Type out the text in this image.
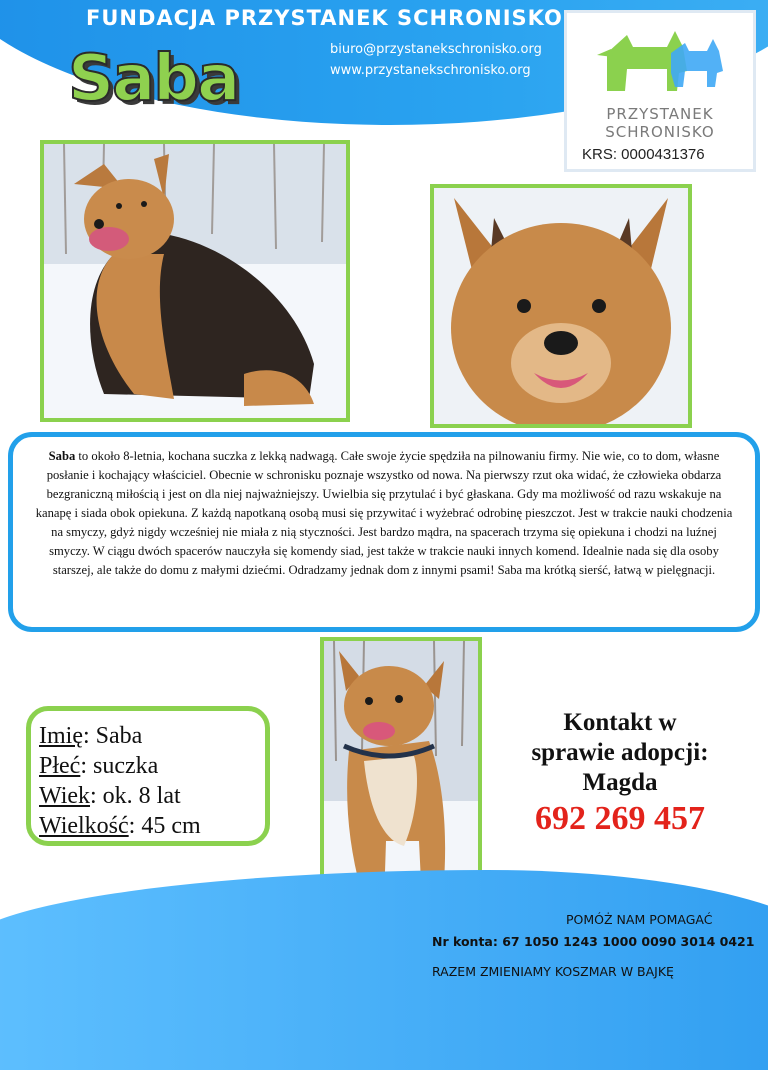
FUNDACJA PRZYSTANEK SCHRONISKO
biuro@przystanekschronisko.org
www.przystanekschronisko.org
Saba	PRZYSTANEK
SCHRONISKO
KRS: 0000431376
Saba to około 8-letnia, kochana suczka z lekką nadwagą. Całe swoje życie spędziła na pilnowaniu firmy. Nie wie, co to dom, własne posłanie i kochający właściciel. Obecnie w schronisku poznaje wszystko od nowa. Na pierwszy rzut oka widać, że człowieka obdarza bezgraniczną miłością i jest on dla niej najważniejszy. Uwielbia się przytulać i być głaskana. Gdy ma możliwość od razu wskakuje na kanapę i siada obok opiekuna. Z każdą napotkaną osobą musi się przywitać i wyżebrać odrobinę pieszczot. Jest w trakcie nauki chodzenia na smyczy, gdyż nigdy wcześniej nie miała z nią styczności. Jest bardzo mądra, na spacerach trzyma się opiekuna i chodzi na luźnej smyczy. W ciągu dwóch spacerów nauczyła się komendy siad, jest także w trakcie nauki innych komend. Idealnie nada się dla osoby starszej, ale także do domu z małymi dziećmi. Odradzamy jednak dom z innymi psami! Saba ma krótką sierść, łatwą w pielęgnacji.
Imię: Saba
Płeć: suczka
Wiek: ok. 8 lat
Wielkość: 45 cm
Kontakt w
sprawie adopcji:
Magda
692 269 457
POMÓŻ NAM POMAGAĆ
Nr konta: 67 1050 1243 1000 0090 3014 0421
RAZEM ZMIENIAMY KOSZMAR W BAJKĘ
